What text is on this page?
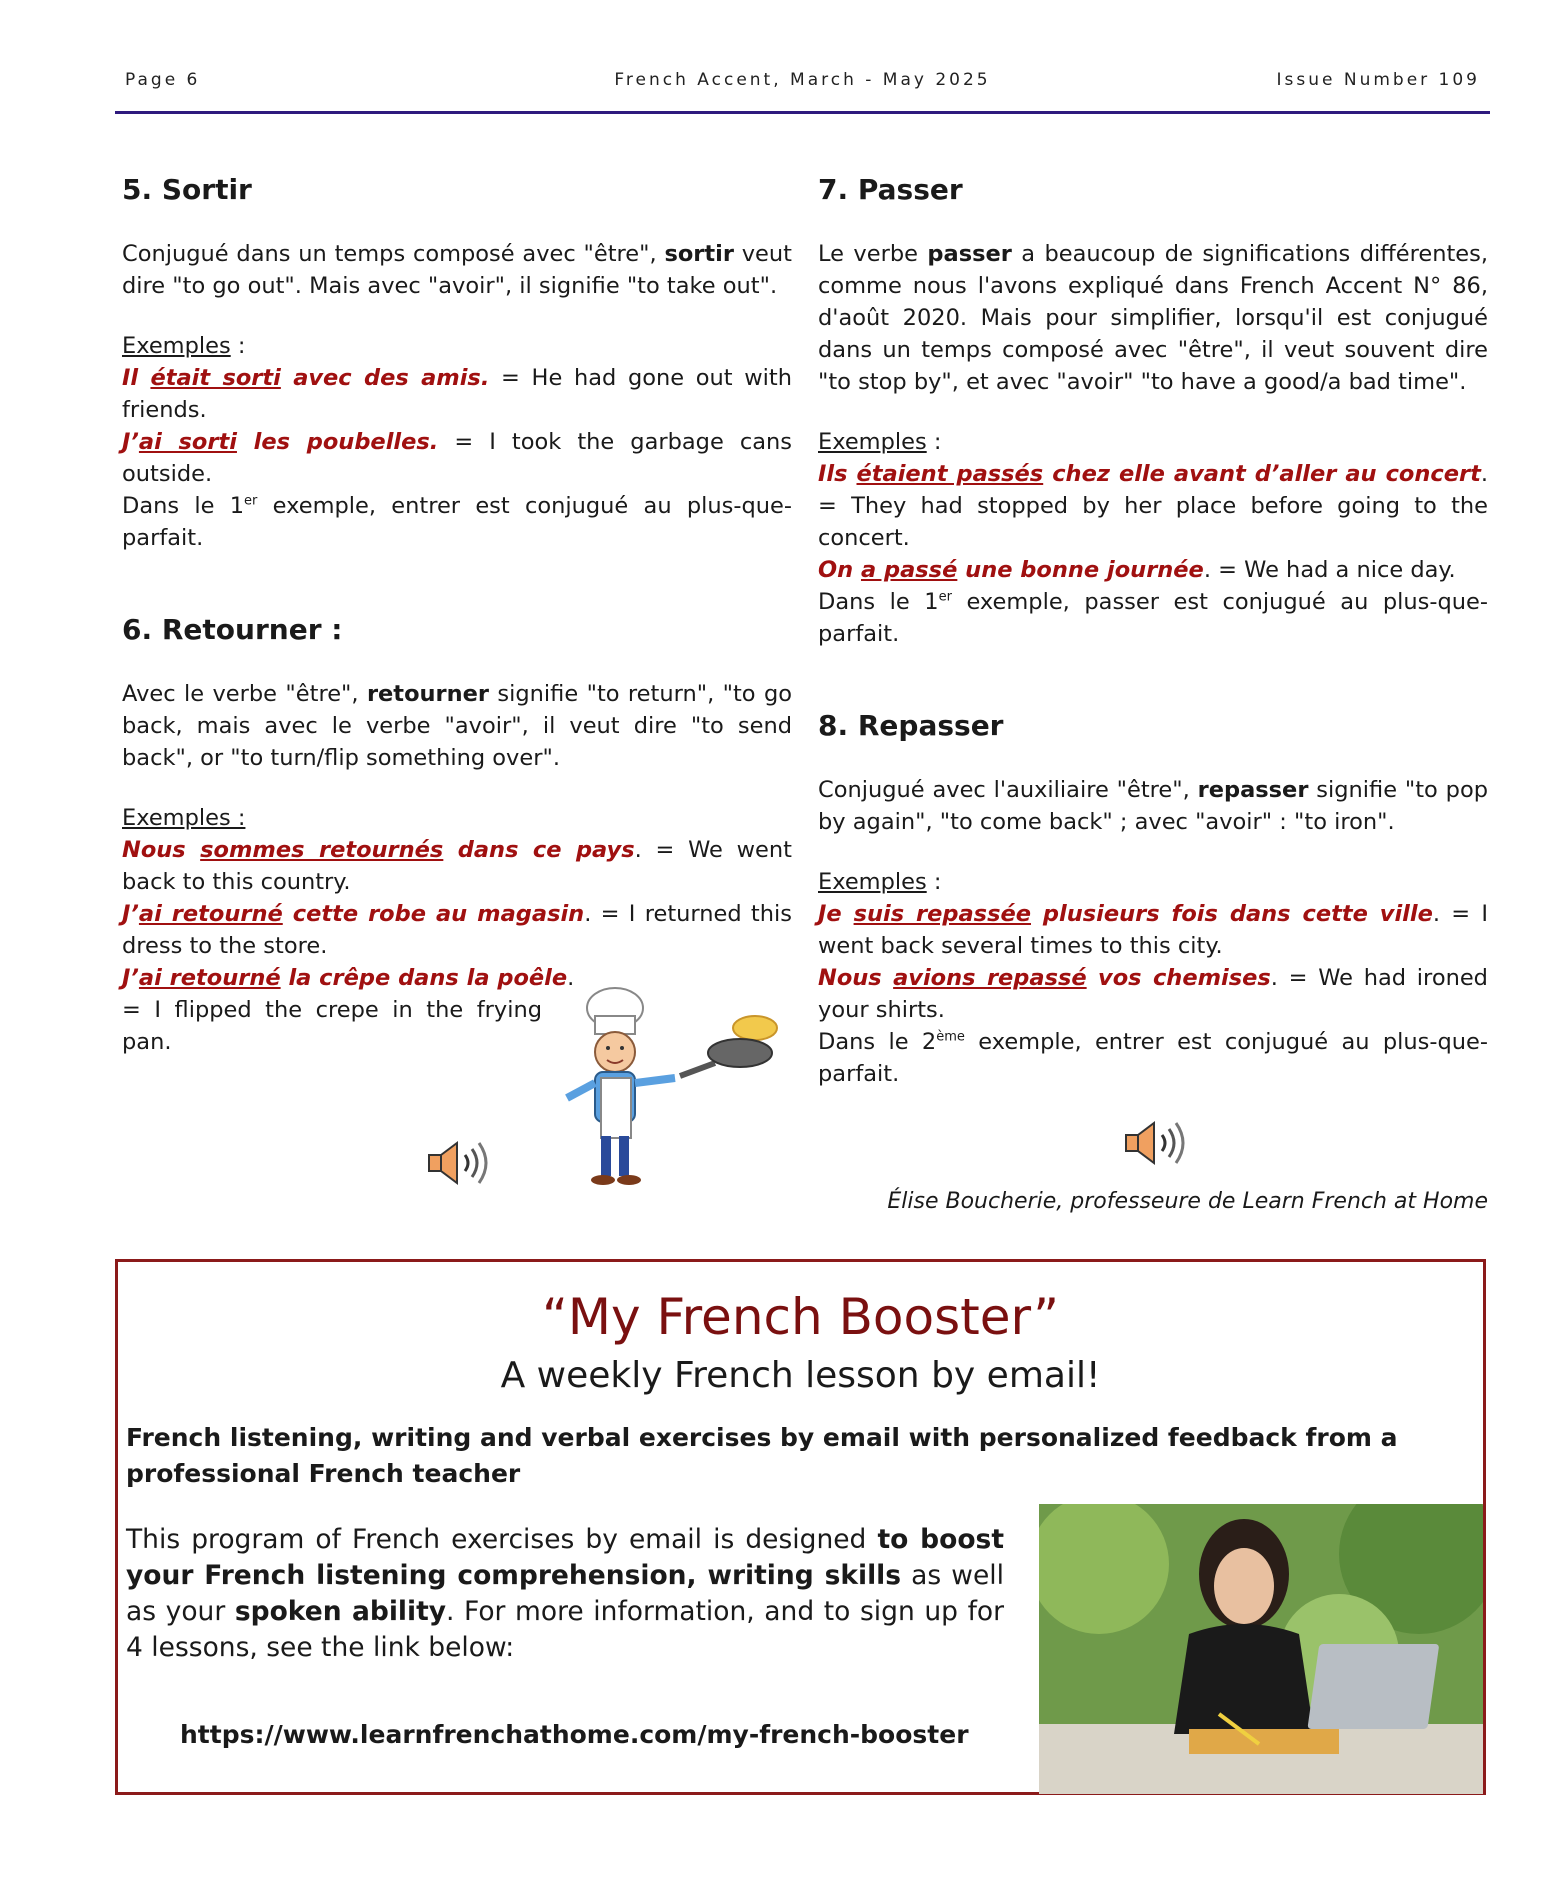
Page 6	French Accent, March - May 2025	Issue Number 109
5. Sortir

Conjugué dans un temps composé avec "être", sortir veut dire "to go out". Mais avec "avoir", il signifie "to take out".

Exemples :

Il était sorti avec des amis. = He had gone out with friends.

J’ai sorti les poubelles. = I took the garbage cans outside.

Dans le 1er exemple, entrer est conjugué au plus-que-parfait.

6. Retourner :

Avec le verbe "être", retourner signifie "to return", "to go back, mais avec le verbe "avoir", il veut dire "to send back", or "to turn/flip something over".

Exemples :

Nous sommes retournés dans ce pays. = We went back to this country.

J’ai retourné cette robe au magasin. = I returned this dress to the store.

J’ai retourné la crêpe dans la poêle.

= I flipped the crepe in the frying pan.

7. Passer

Le verbe passer a beaucoup de significations différentes, comme nous l'avons expliqué dans French Accent N° 86, d'août 2020. Mais pour simplifier, lorsqu'il est conjugué dans un temps composé avec "être", il veut souvent dire "to stop by", et avec "avoir" "to have a good/a bad time".

Exemples :

Ils étaient passés chez elle avant d’aller au concert. = They had stopped by her place before going to the concert.

On a passé une bonne journée. = We had a nice day.

Dans le 1er exemple, passer est conjugué au plus-que-parfait.

8. Repasser

Conjugué avec l'auxiliaire "être", repasser signifie "to pop by again", "to come back" ; avec "avoir" : "to iron".

Exemples :

Je suis repassée plusieurs fois dans cette ville. = I went back several times to this city.

Nous avions repassé vos chemises. = We had ironed your shirts.

Dans le 2ème exemple, entrer est conjugué au plus-que-parfait.

Élise Boucherie, professeure de Learn French at Home
“My French Booster”
A weekly French lesson by email!
French listening, writing and verbal exercises by email with personalized feedback from a professional French teacher
This program of French exercises by email is designed to boost your French listening comprehension, writing skills as well as your spoken ability. For more information, and to sign up for 4 lessons, see the link below:
https://www.learnfrenchathome.com/my-french-booster
